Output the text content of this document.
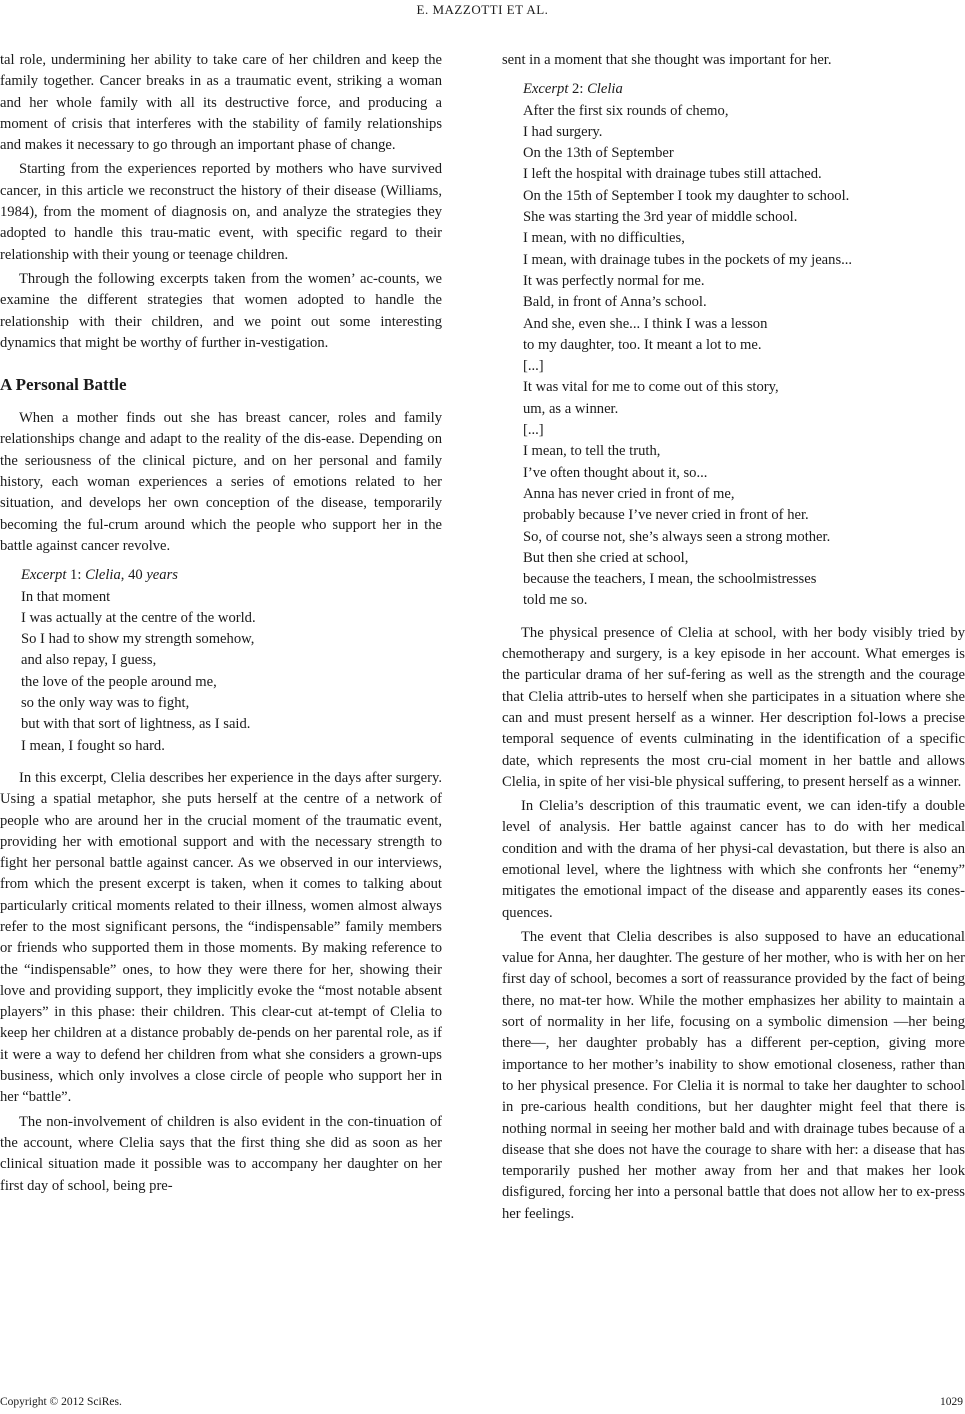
E. MAZZOTTI ET AL.

tal role, undermining her ability to take care of her children and keep the family together. Cancer breaks in as a traumatic event, striking a woman and her whole family with all its destructive force, and producing a moment of crisis that interferes with the stability of family relationships and makes it necessary to go through an important phase of change.

Starting from the experiences reported by mothers who have survived cancer, in this article we reconstruct the history of their disease (Williams, 1984), from the moment of diagnosis on, and analyze the strategies they adopted to handle this trau-matic event, with specific regard to their relationship with their young or teenage children.

Through the following excerpts taken from the women’ ac-counts, we examine the different strategies that women adopted to handle the relationship with their children, and we point out some interesting dynamics that might be worthy of further in-vestigation.

A Personal Battle

When a mother finds out she has breast cancer, roles and family relationships change and adapt to the reality of the dis-ease. Depending on the seriousness of the clinical picture, and on her personal and family history, each woman experiences a series of emotions related to her situation, and develops her own conception of the disease, temporarily becoming the ful-crum around which the people who support her in the battle against cancer revolve.

Excerpt 1: Clelia, 40 years
In that moment
I was actually at the centre of the world.
So I had to show my strength somehow,
and also repay, I guess,
the love of the people around me,
so the only way was to fight,
but with that sort of lightness, as I said.
I mean, I fought so hard.

In this excerpt, Clelia describes her experience in the days after surgery. Using a spatial metaphor, she puts herself at the centre of a network of people who are around her in the crucial moment of the traumatic event, providing her with emotional support and with the necessary strength to fight her personal battle against cancer. As we observed in our interviews, from which the present excerpt is taken, when it comes to talking about particularly critical moments related to their illness, women almost always refer to the most significant persons, the “indispensable” family members or friends who supported them in those moments. By making reference to the “indispensable” ones, to how they were there for her, showing their love and providing support, they implicitly evoke the “most notable absent players” in this phase: their children. This clear-cut at-tempt of Clelia to keep her children at a distance probably de-pends on her parental role, as if it were a way to defend her children from what she considers a grown-ups business, which only involves a close circle of people who support her in her “battle”.

The non-involvement of children is also evident in the con-tinuation of the account, where Clelia says that the first thing she did as soon as her clinical situation made it possible was to accompany her daughter on her first day of school, being pre-

sent in a moment that she thought was important for her.

Excerpt 2: Clelia
After the first six rounds of chemo,
I had surgery.
On the 13th of September
I left the hospital with drainage tubes still attached.
On the 15th of September I took my daughter to school.
She was starting the 3rd year of middle school.
I mean, with no difficulties,
I mean, with drainage tubes in the pockets of my jeans...
It was perfectly normal for me.
Bald, in front of Anna’s school.
And she, even she... I think I was a lesson
to my daughter, too. It meant a lot to me.
[...]
It was vital for me to come out of this story,
um, as a winner.
[...]
I mean, to tell the truth,
I’ve often thought about it, so...
Anna has never cried in front of me,
probably because I’ve never cried in front of her.
So, of course not, she’s always seen a strong mother.
But then she cried at school,
because the teachers, I mean, the schoolmistresses
told me so.

The physical presence of Clelia at school, with her body visibly tried by chemotherapy and surgery, is a key episode in her account. What emerges is the particular drama of her suf-fering as well as the strength and the courage that Clelia attrib-utes to herself when she participates in a situation where she can and must present herself as a winner. Her description fol-lows a precise temporal sequence of events culminating in the identification of a specific date, which represents the most cru-cial moment in her battle and allows Clelia, in spite of her visi-ble physical suffering, to present herself as a winner.

In Clelia’s description of this traumatic event, we can iden-tify a double level of analysis. Her battle against cancer has to do with her medical condition and with the drama of her physi-cal devastation, but there is also an emotional level, where the lightness with which she confronts her “enemy” mitigates the emotional impact of the disease and apparently eases its cones-quences.

The event that Clelia describes is also supposed to have an educational value for Anna, her daughter. The gesture of her mother, who is with her on her first day of school, becomes a sort of reassurance provided by the fact of being there, no mat-ter how. While the mother emphasizes her ability to maintain a sort of normality in her life, focusing on a symbolic dimension —her being there—, her daughter probably has a different per-ception, giving more importance to her mother’s inability to show emotional closeness, rather than to her physical presence. For Clelia it is normal to take her daughter to school in pre-carious health conditions, but her daughter might feel that there is nothing normal in seeing her mother bald and with drainage tubes because of a disease that she does not have the courage to share with her: a disease that has temporarily pushed her mother away from her and that makes her look disfigured, forcing her into a personal battle that does not allow her to ex-press her feelings.

Copyright © 2012 SciRes.	1029
